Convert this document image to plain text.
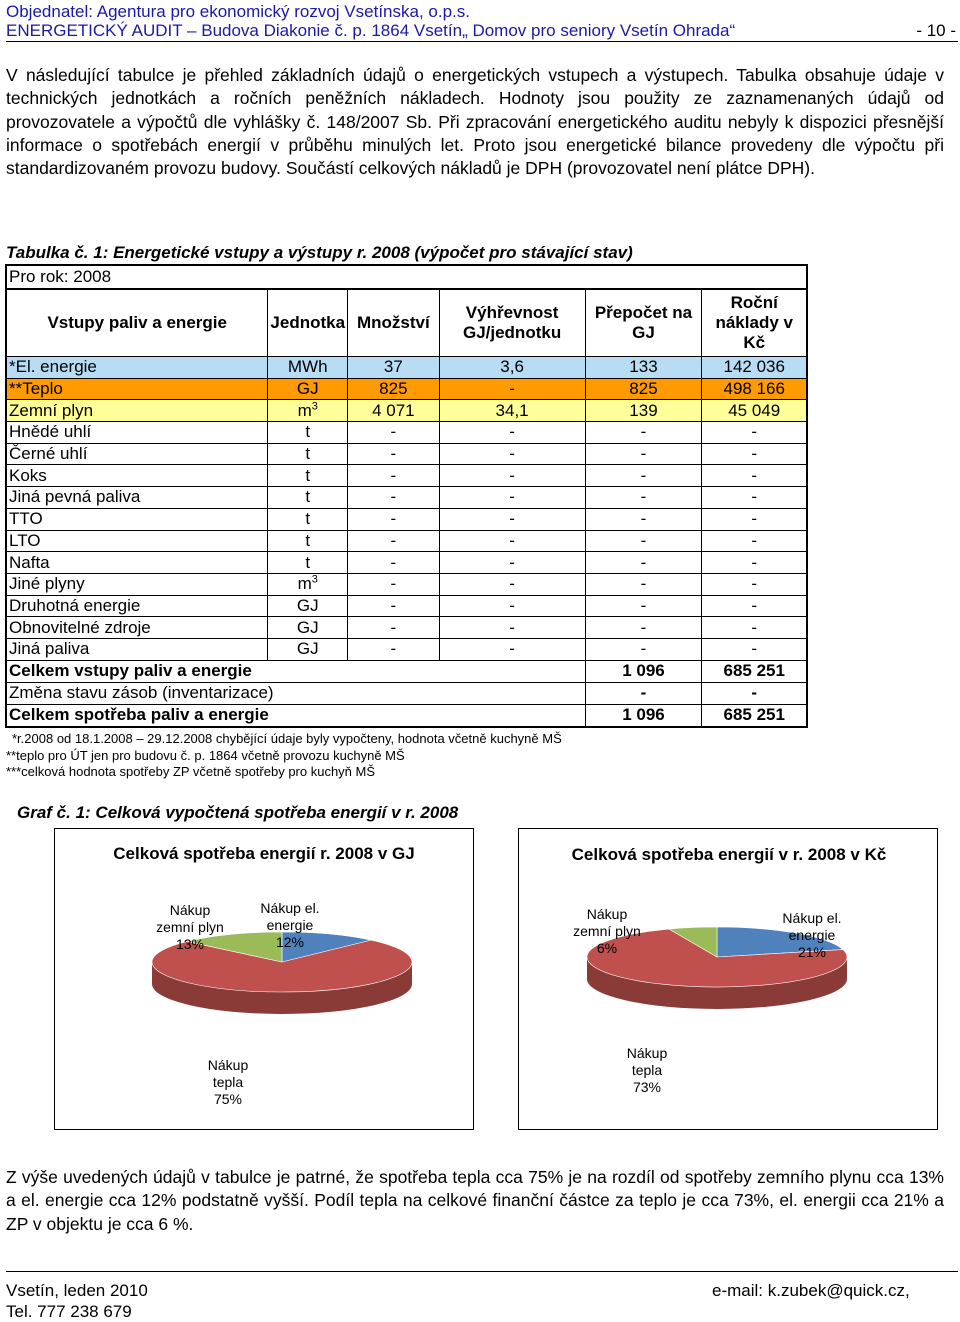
Objednatel: Agentura pro ekonomický rozvoj Vsetínska, o.p.s.
ENERGETICKÝ AUDIT – Budova Diakonie č. p. 1864 Vsetín„ Domov pro seniory Vsetín Ohrada“	- 10 -
V následující tabulce je přehled základních údajů o energetických vstupech a výstupech. Tabulka obsahuje údaje v technických jednotkách a ročních peněžních nákladech. Hodnoty jsou použity ze zaznamenaných údajů od provozovatele a výpočtů dle vyhlášky č. 148/2007 Sb. Při zpracování energetického auditu nebyly k dispozici přesnější informace o spotřebách energií v průběhu minulých let. Proto jsou energetické bilance provedeny dle výpočtu při standardizovaném provozu budovy. Součástí celkových nákladů je DPH (provozovatel není plátce DPH).
Tabulka č. 1: Energetické vstupy a výstupy r. 2008 (výpočet pro stávající stav)
Pro rok: 2008					
Vstupy paliv a energie	Jednotka	Množství	Výhřevnost GJ/jednotku	Přepočet na GJ	Roční náklady v Kč
*El. energie	MWh	37	3,6	133	142 036
**Teplo	GJ	825	-	825	498 166
Zemní plyn	$m^3$	4 071	34,1	139	45 049
Hnědé uhlí	t	-	-	-	-
Černé uhlí	t	-	-	-	-
Koks	t	-	-	-	-
Jiná pevná paliva	t	-	-	-	-
TTO	t	-	-	-	-
LTO	t	-	-	-	-
Nafta	t	-	-	-	-
Jiné plyny	$m^3$	-	-	-	-
Druhotná energie	GJ	-	-	-	-
Obnovitelné zdroje	GJ	-	-	-	-
Jiná paliva	GJ	-	-	-	-
Celkem vstupy paliv a energie				1 096	685 251
Změna stavu zásob (inventarizace)				-	-
Celkem spotřeba paliv a energie				1 096	685 251
*r.2008 od 18.1.2008 – 29.12.2008 chybějící údaje byly vypočteny, hodnota včetně kuchyně MŠ
**teplo pro ÚT jen pro budovu č. p. 1864 včetně provozu kuchyně MŠ
***celková hodnota spotřeby ZP včetně spotřeby pro kuchyň MŠ
Graf č. 1: Celková vypočtená spotřeba energií v r. 2008
Celková spotřeba energií r. 2008 v GJ
Nákup
zemní plyn
13%
Nákup el.
energie
12%
Nákup
tepla
75%
Celková spotřeba energií v r. 2008 v Kč
Nákup
zemní plyn
6%
Nákup el.
energie
21%
Nákup
tepla
73%
Z výše uvedených údajů v tabulce je patrné, že spotřeba tepla cca 75% je na rozdíl od spotřeby zemního plynu cca 13% a el. energie cca 12% podstatně vyšší. Podíl tepla na celkové finanční částce za teplo je cca 73%, el. energii cca 21% a ZP v objektu je cca 6 %.
Vsetín, leden 2010	e-mail: k.zubek@quick.cz,
Tel. 777 238 679
